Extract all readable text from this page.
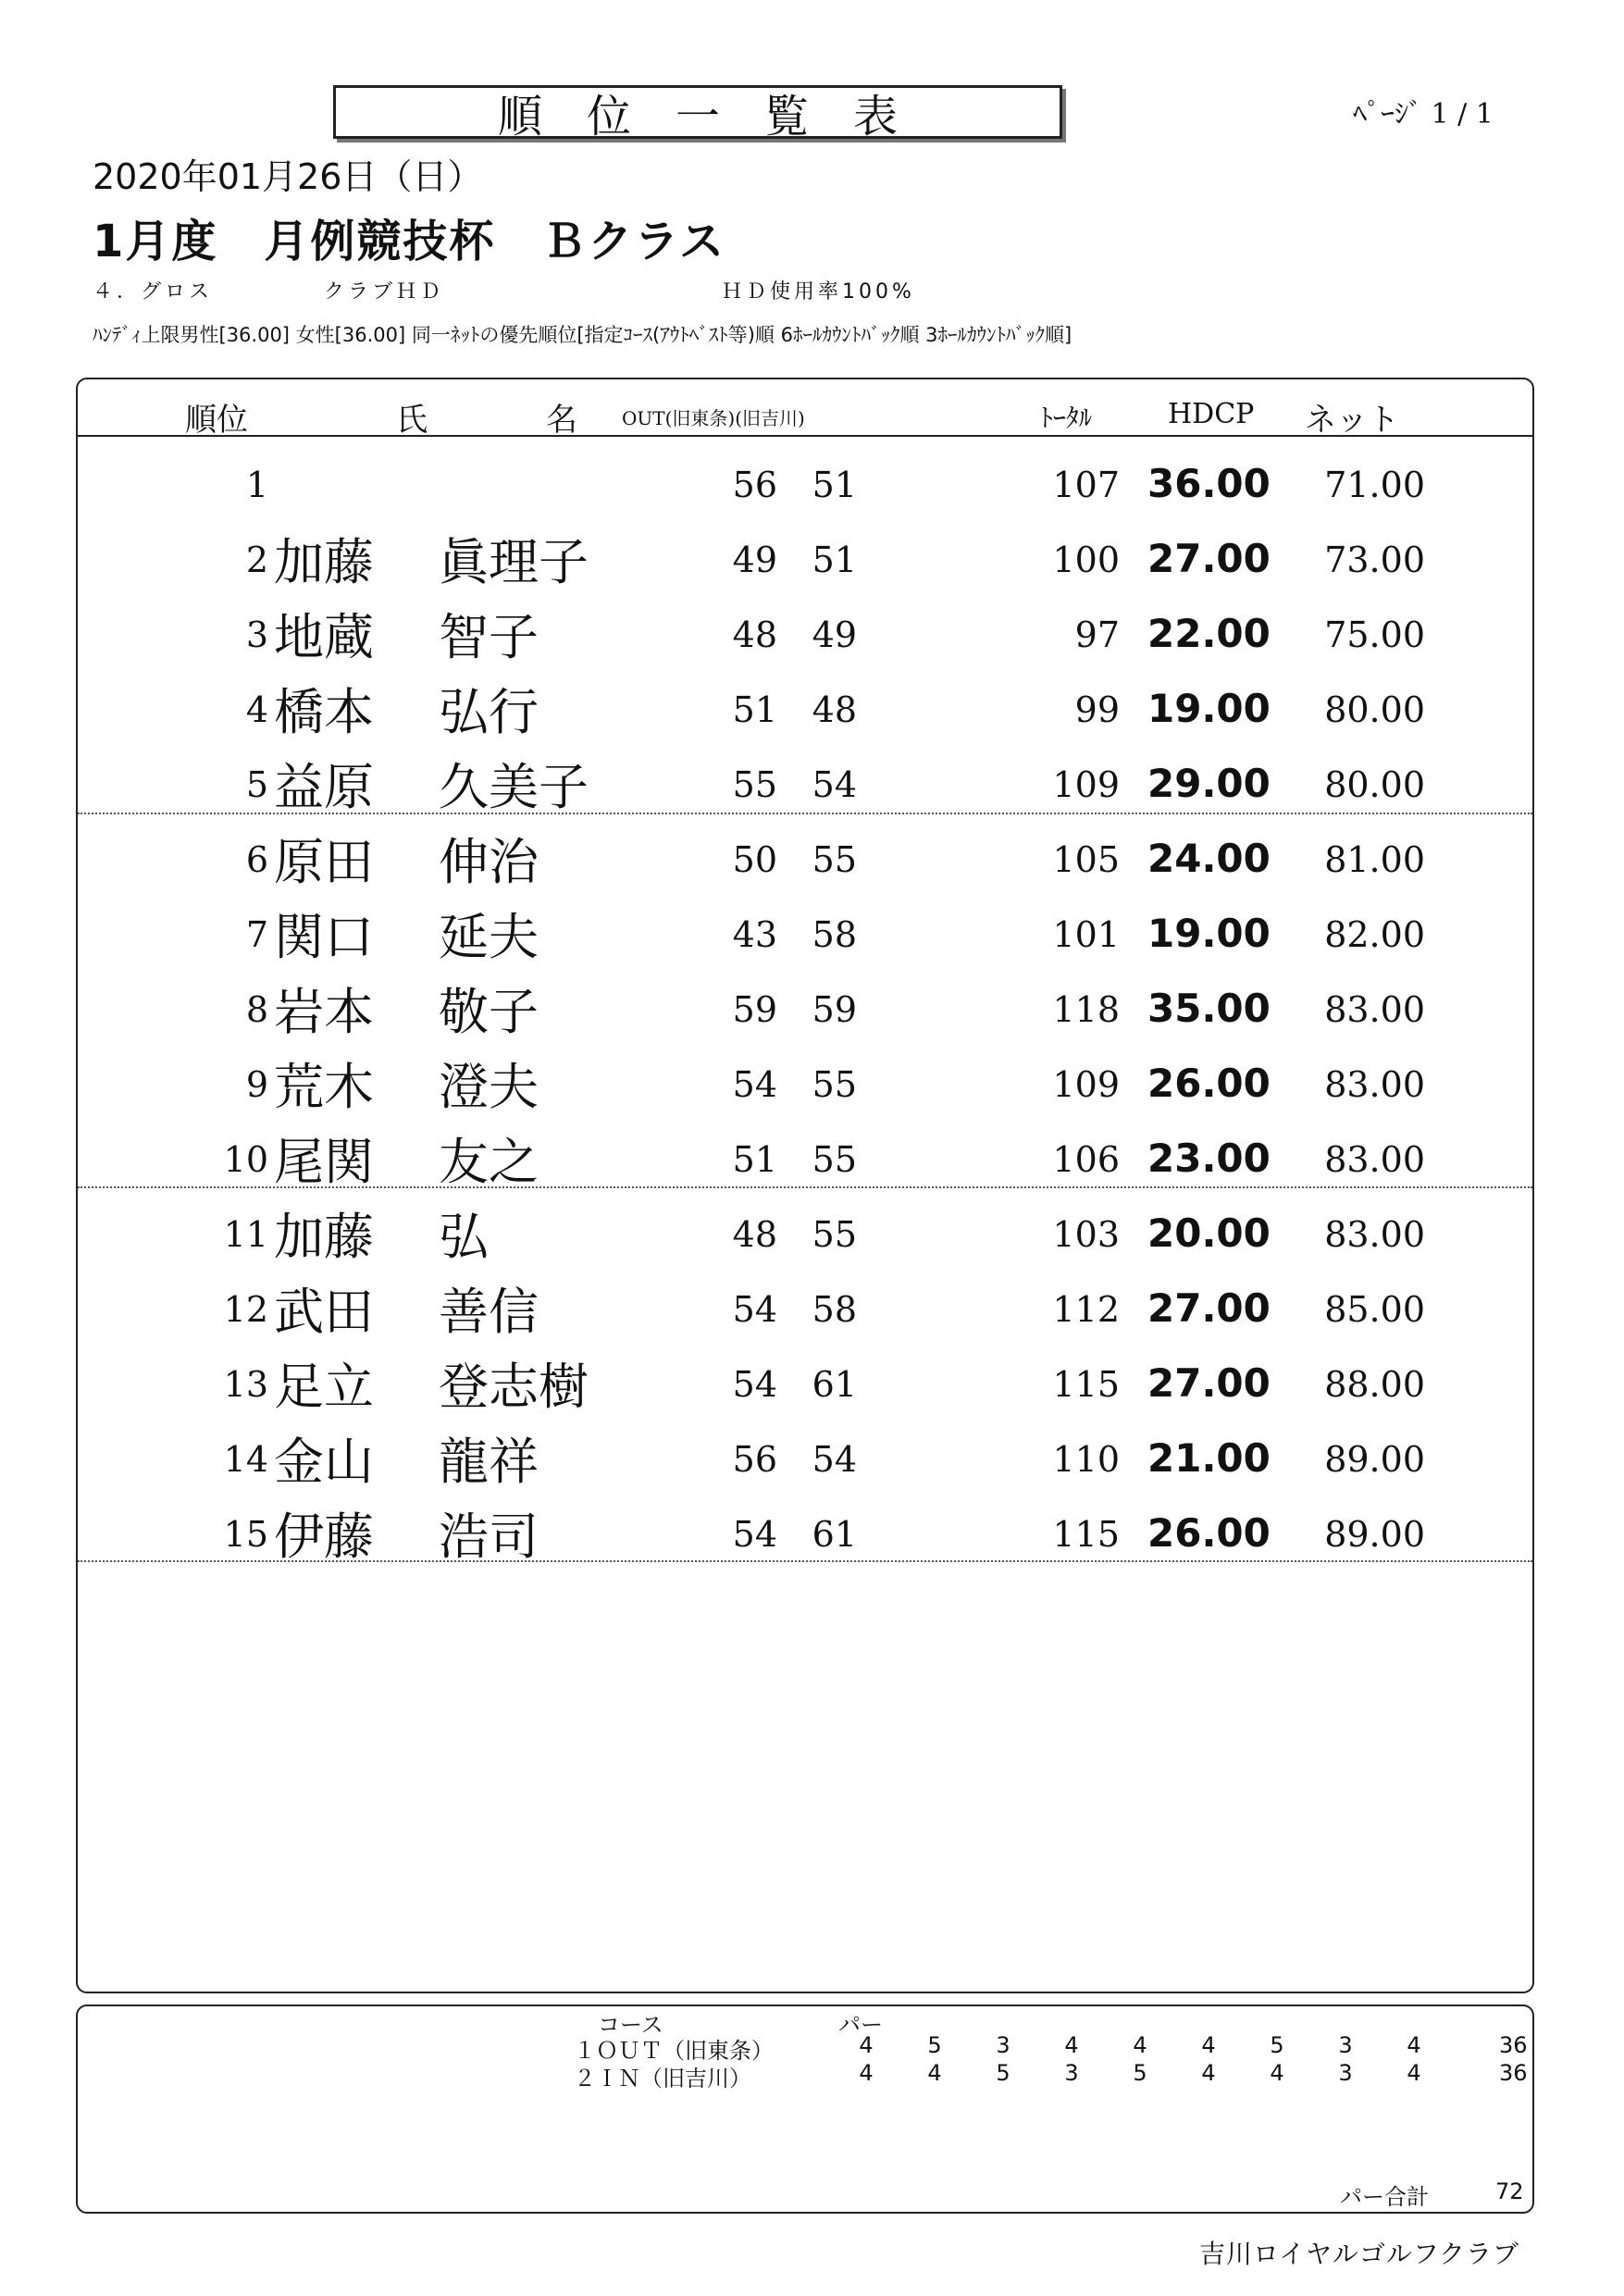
順位一覧表	ﾍﾟｰｼﾞ 1 / 1
2020年01月26日（日）
1月度　月例競技杯　Ｂクラス
４．グロス	クラブＨＤ	ＨＤ使用率100%
ﾊﾝﾃﾞｨ上限男性[36.00] 女性[36.00] 同一ﾈｯﾄの優先順位[指定ｺｰｽ(ｱｳﾄﾍﾞｽﾄ等)順 6ﾎｰﾙｶｳﾝﾄﾊﾞｯｸ順 3ﾎｰﾙｶｳﾝﾄﾊﾞｯｸ順]
順位	氏	名 OUT(旧東条)(旧吉川)	ﾄｰﾀﾙ	HDCP ネット
1	56 51	107 36.00	71.00
2 加藤 眞理子	49 51	100 27.00	73.00
3 地蔵 智子	48 49	97 22.00	75.00
4 橋本 弘行	51 48	99 19.00	80.00
5 益原 久美子	55 54	109 29.00	80.00
6 原田 伸治	50 55	105 24.00	81.00
7 関口 延夫	43 58	101 19.00	82.00
8 岩本 敬子	59 59	118 35.00	83.00
9 荒木 澄夫	54 55	109 26.00	83.00
10 尾関 友之	51 55	106 23.00	83.00
11 加藤 弘	48 55	103 20.00	83.00
12 武田 善信	54 58	112 27.00	85.00
13 足立 登志樹	54 61	115 27.00	88.00
14 金山 龍祥	56 54	110 21.00	89.00
15 伊藤 浩司	54 61	115 26.00	89.00
コース	パー
１ＯＵＴ（旧東条）	4	5	3	4	4	4	5	3	4	36
２ＩＮ（旧吉川）	4	4	5	3	5	4	4	3	4	36
パー合計	72
吉川ロイヤルゴルフクラブ
